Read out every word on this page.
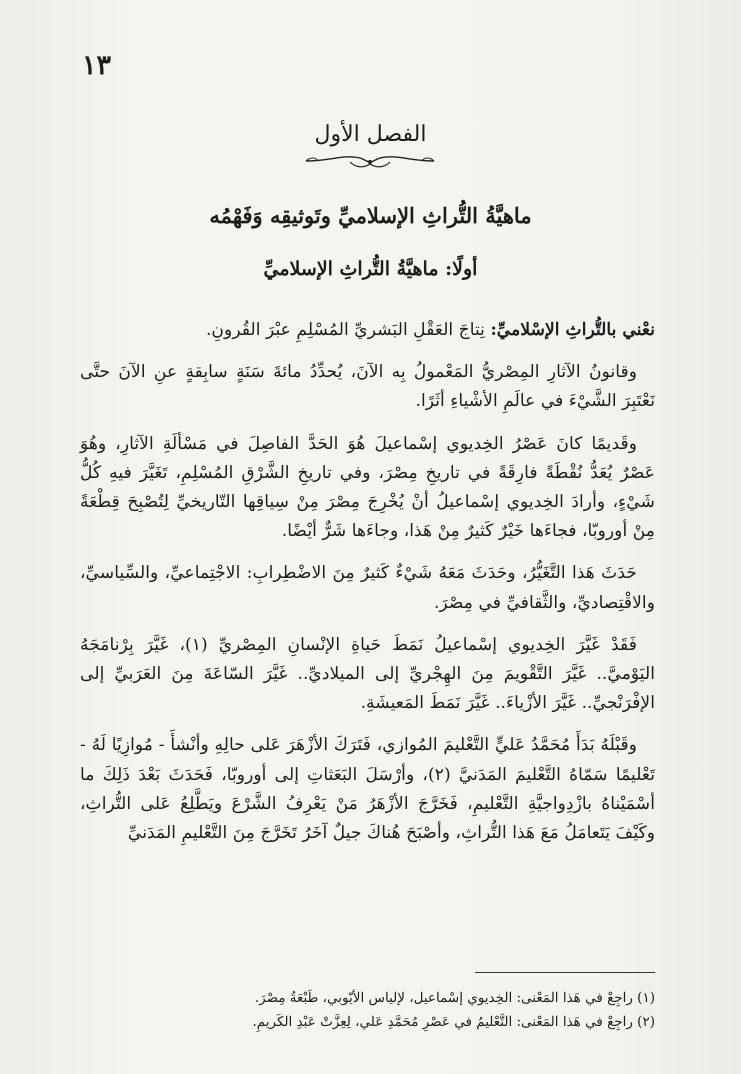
١٣
الفصل الأول
ماهيَّةُ التُّراثِ الإسلاميِّ وتَوثيقِه وَفَهْمُه
أولًا: ماهيَّةُ التُّراثِ الإسلاميِّ

نعْني بالتُّراثِ الإسْلاميِّ: نِتاجَ العَقْلِ البَشريِّ المُسْلِمِ عبْرَ القُرونِ.

وقانونُ الآثارِ المِصْريُّ المَعْمولُ بِه الآنَ، يُحدِّدُ مائةَ سَنَةٍ سابِقةٍ عنِ الآنَ حتَّى نَعْتَبِرَ الشَّيْءَ في عالَمِ الأشْياءِ أثَرًا.

وقَديمًا كانَ عَصْرُ الخِديوي إسْماعيلَ هُوَ الحَدَّ الفاصِلَ في مَسْألَةِ الآثارِ، وهُوَ عَصْرٌ يُعَدُّ نُقْطَةً فارِقَةً في تاريخِ مِصْرَ، وفي تاريخِ الشَّرْقِ المُسْلِمِ، تَغَيَّرَ فيهِ كُلُّ شَيْءٍ، وأرادَ الخِديوي إسْماعيلُ أنْ يُخْرِجَ مِصْرَ مِنْ سِياقِها التّاريخيِّ لِتُصْبِحَ قِطْعَةً مِنْ أوروبّا، فجاءَها خَيْرٌ كَثيرٌ مِنْ هَذا، وجاءَها شَرٌّ أيْضًا.

حَدَثَ هَذا التَّغَيُّرُ، وحَدَثَ مَعَهُ شَيْءٌ كَثيرٌ مِنَ الاضْطِرابِ: الاجْتِماعيِّ، والسِّياسيِّ، والاقْتِصاديِّ، والثَّقافيِّ في مِصْرَ.

فَقَدْ غَيَّرَ الخِديوي إسْماعيلُ نَمَطَ حَياةِ الإنْسانِ المِصْريِّ (١)، غَيَّرَ بِرْنامَجَهُ اليَوْميَّ.. غَيَّرَ التَّقْويمَ مِنَ الهِجْريِّ إلى الميلاديِّ.. غَيَّرَ السّاعَةَ مِنَ العَرَبيِّ إلى الإفْرَنْجيِّ.. غَيَّرَ الأزْياءَ.. غَيَّرَ نَمَطَ المَعيشَةِ.

وقَبْلَهُ بَدَأَ مُحَمَّدُ عَليٍّ التَّعْليمَ المُوازي، فَتَرَكَ الأزْهَرَ عَلى حالِهِ وأنْشأَ - مُوازِيًا لَهُ - تَعْليمًا سَمّاهُ التَّعْليمَ المَدَنيَّ (٢)، وأرْسَلَ البَعَثاتِ إلى أوروبّا، فَحَدَثَ بَعْدَ ذَلِكَ ما أسْمَيْناهُ بازْدِواجيَّةِ التَّعْليمِ، فَخَرَّجَ الأزْهَرُ مَنْ يَعْرِفُ الشَّرْعَ ويَطَّلِعُ عَلى التُّراثِ، وكَيْفَ يَتَعامَلُ مَعَ هَذا التُّراثِ، وأصْبَحَ هُناكَ جيلٌ آخَرُ تَخَرَّجَ مِنَ التَّعْليمِ المَدَنيِّ

(١) راجِعْ في هَذا المَعْنى: الخِديوي إسْماعيل، لإلياس الأيّوبي، طَبْعَةُ مِصْرَ.
(٢) راجِعْ في هَذا المَعْنى: التَّعْليمُ في عَصْرِ مُحَمَّدِ عَلي، لِعِزَّتْ عَبْدِ الكَريمِ.
